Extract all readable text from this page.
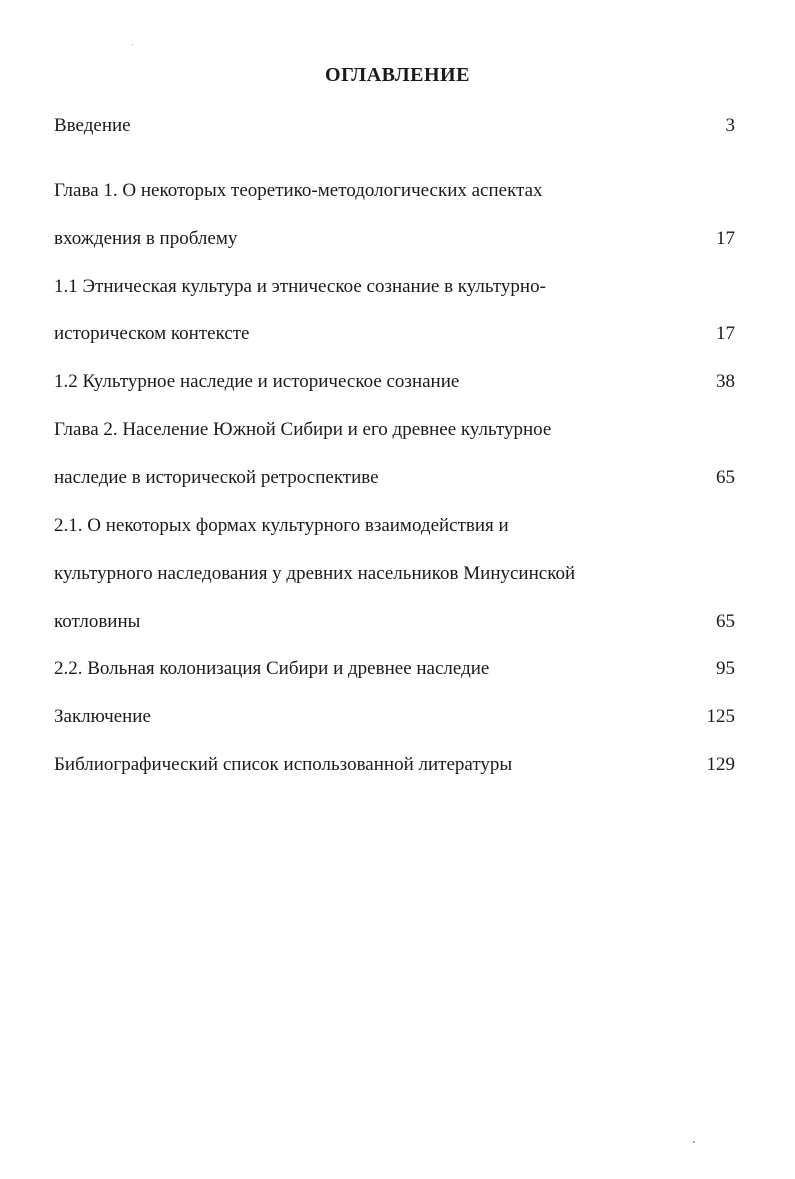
ОГЛАВЛЕНИЕ
Введение	3
Глава 1. О некоторых теоретико-методологических аспектах
вхождения в проблему	17
1.1 Этническая культура и этническое сознание в культурно-
историческом контексте	17
1.2 Культурное наследие и историческое сознание	38
Глава 2. Население Южной Сибири и его древнее культурное
наследие в исторической ретроспективе	65
2.1. О некоторых формах культурного взаимодействия и
культурного наследования у древних насельников Минусинской
котловины	65
2.2. Вольная колонизация Сибири и древнее наследие	95
Заключение	125
Библиографический список использованной литературы	129
